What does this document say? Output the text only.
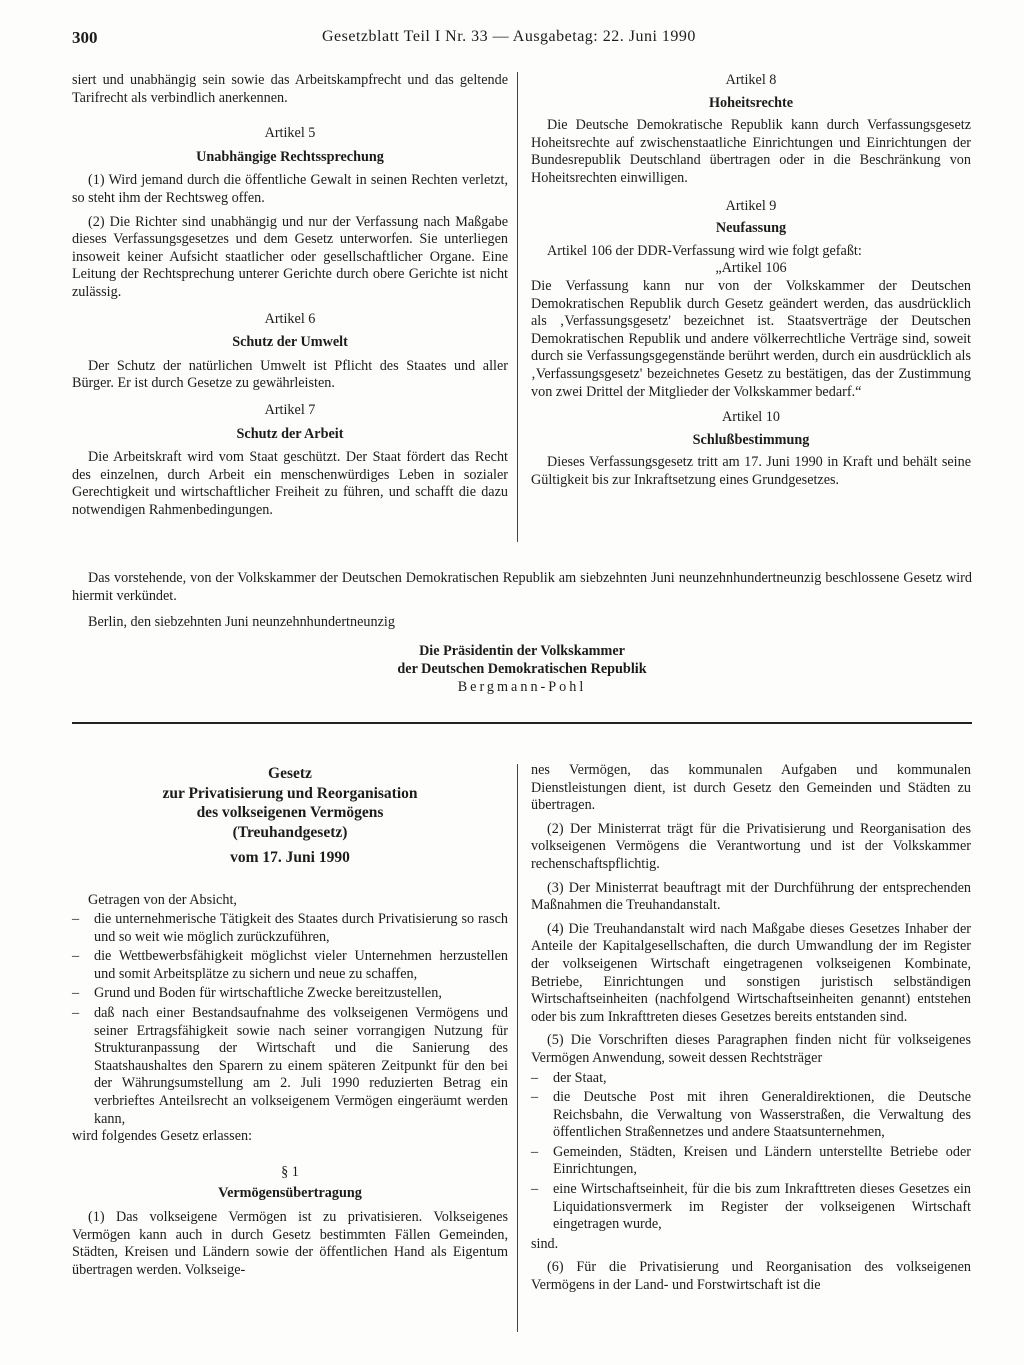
300	Gesetzblatt Teil I Nr. 33 — Ausgabetag: 22. Juni 1990

siert und unabhängig sein sowie das Arbeitskampfrecht und das geltende Tarifrecht als verbindlich anerkennen.

Artikel 5

Unabhängige Rechtssprechung

(1) Wird jemand durch die öffentliche Gewalt in seinen Rechten verletzt, so steht ihm der Rechtsweg offen.

(2) Die Richter sind unabhängig und nur der Verfassung nach Maßgabe dieses Verfassungsgesetzes und dem Gesetz unterworfen. Sie unterliegen insoweit keiner Aufsicht staatlicher oder gesellschaftlicher Organe. Eine Leitung der Rechtsprechung unterer Gerichte durch obere Gerichte ist nicht zulässig.

Artikel 6

Schutz der Umwelt

Der Schutz der natürlichen Umwelt ist Pflicht des Staates und aller Bürger. Er ist durch Gesetze zu gewährleisten.

Artikel 7

Schutz der Arbeit

Die Arbeitskraft wird vom Staat geschützt. Der Staat fördert das Recht des einzelnen, durch Arbeit ein menschenwürdiges Leben in sozialer Gerechtigkeit und wirtschaftlicher Freiheit zu führen, und schafft die dazu notwendigen Rahmenbedingungen.

Artikel 8

Hoheitsrechte

Die Deutsche Demokratische Republik kann durch Verfassungsgesetz Hoheitsrechte auf zwischenstaatliche Einrichtungen und Einrichtungen der Bundesrepublik Deutschland übertragen oder in die Beschränkung von Hoheitsrechten einwilligen.

Artikel 9

Neufassung

Artikel 106 der DDR-Verfassung wird wie folgt gefaßt:

„Artikel 106

Die Verfassung kann nur von der Volkskammer der Deutschen Demokratischen Republik durch Gesetz geändert werden, das ausdrücklich als ‚Verfassungsgesetz' bezeichnet ist. Staatsverträge der Deutschen Demokratischen Republik und andere völkerrechtliche Verträge sind, soweit durch sie Verfassungsgegenstände berührt werden, durch ein ausdrücklich als ‚Verfassungsgesetz' bezeichnetes Gesetz zu bestätigen, das der Zustimmung von zwei Drittel der Mitglieder der Volkskammer bedarf.“

Artikel 10

Schlußbestimmung

Dieses Verfassungsgesetz tritt am 17. Juni 1990 in Kraft und behält seine Gültigkeit bis zur Inkraftsetzung eines Grundgesetzes.

Das vorstehende, von der Volkskammer der Deutschen Demokratischen Republik am siebzehnten Juni neunzehnhundertneunzig beschlossene Gesetz wird hiermit verkündet.

Berlin, den siebzehnten Juni neunzehnhundertneunzig

Die Präsidentin der Volkskammer

der Deutschen Demokratischen Republik

Bergmann-Pohl

Gesetz

zur Privatisierung und Reorganisation

des volkseigenen Vermögens

(Treuhandgesetz)

vom 17. Juni 1990

Getragen von der Absicht,

–	die unternehmerische Tätigkeit des Staates durch Privatisierung so rasch und so weit wie möglich zurückzuführen,
–	die Wettbewerbsfähigkeit möglichst vieler Unternehmen herzustellen und somit Arbeitsplätze zu sichern und neue zu schaffen,
–	Grund und Boden für wirtschaftliche Zwecke bereitzustellen,
–	daß nach einer Bestandsaufnahme des volkseigenen Vermögens und seiner Ertragsfähigkeit sowie nach seiner vorrangigen Nutzung für Strukturanpassung der Wirtschaft und die Sanierung des Staatshaushaltes den Sparern zu einem späteren Zeitpunkt für den bei der Währungsumstellung am 2. Juli 1990 reduzierten Betrag ein verbrieftes Anteilsrecht an volkseigenem Vermögen eingeräumt werden kann,

wird folgendes Gesetz erlassen:

§ 1

Vermögensübertragung

(1) Das volkseigene Vermögen ist zu privatisieren. Volkseigenes Vermögen kann auch in durch Gesetz bestimmten Fällen Gemeinden, Städten, Kreisen und Ländern sowie der öffentlichen Hand als Eigentum übertragen werden. Volkseige-

nes Vermögen, das kommunalen Aufgaben und kommunalen Dienstleistungen dient, ist durch Gesetz den Gemeinden und Städten zu übertragen.

(2) Der Ministerrat trägt für die Privatisierung und Reorganisation des volkseigenen Vermögens die Verantwortung und ist der Volkskammer rechenschaftspflichtig.

(3) Der Ministerrat beauftragt mit der Durchführung der entsprechenden Maßnahmen die Treuhandanstalt.

(4) Die Treuhandanstalt wird nach Maßgabe dieses Gesetzes Inhaber der Anteile der Kapitalgesellschaften, die durch Umwandlung der im Register der volkseigenen Wirtschaft eingetragenen volkseigenen Kombinate, Betriebe, Einrichtungen und sonstigen juristisch selbständigen Wirtschaftseinheiten (nachfolgend Wirtschaftseinheiten genannt) entstehen oder bis zum Inkrafttreten dieses Gesetzes bereits entstanden sind.

(5) Die Vorschriften dieses Paragraphen finden nicht für volkseigenes Vermögen Anwendung, soweit dessen Rechtsträger

–	der Staat,
–	die Deutsche Post mit ihren Generaldirektionen, die Deutsche Reichsbahn, die Verwaltung von Wasserstraßen, die Verwaltung des öffentlichen Straßennetzes und andere Staatsunternehmen,
–	Gemeinden, Städten, Kreisen und Ländern unterstellte Betriebe oder Einrichtungen,
–	eine Wirtschaftseinheit, für die bis zum Inkrafttreten dieses Gesetzes ein Liquidationsvermerk im Register der volkseigenen Wirtschaft eingetragen wurde,

sind.

(6) Für die Privatisierung und Reorganisation des volkseigenen Vermögens in der Land- und Forstwirtschaft ist die
